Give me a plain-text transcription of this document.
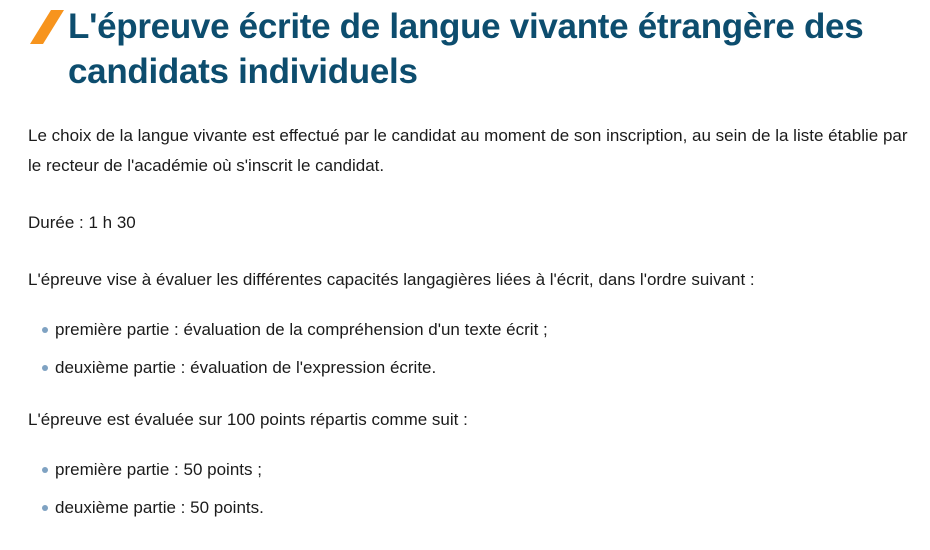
L'épreuve écrite de langue vivante étrangère des candidats individuels

Le choix de la langue vivante est effectué par le candidat au moment de son inscription, au sein de la liste établie par le recteur de l'académie où s'inscrit le candidat.

Durée : 1 h 30

L'épreuve vise à évaluer les différentes capacités langagières liées à l'écrit, dans l'ordre suivant :

première partie : évaluation de la compréhension d'un texte écrit ;
deuxième partie : évaluation de l'expression écrite.

L'épreuve est évaluée sur 100 points répartis comme suit :

première partie : 50 points ;
deuxième partie : 50 points.
